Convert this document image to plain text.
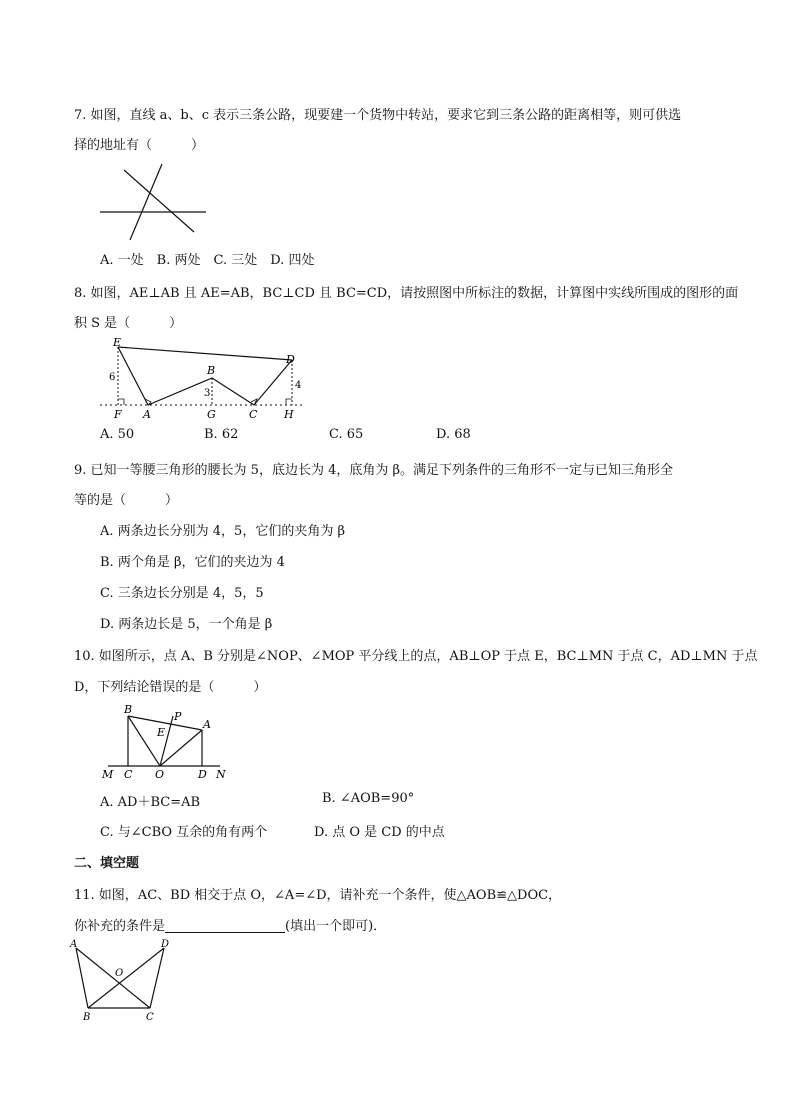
7. 如图，直线 a、b、c 表示三条公路，现要建一个货物中转站，要求它到三条公路的距离相等，则可供选
择的地址有（　　　）
A. 一处　B. 两处　C. 三处　D. 四处
8. 如图，AE⊥AB 且 AE=AB，BC⊥CD 且 BC=CD，请按照图中所标注的数据，计算图中实线所围成的图形的面
积 S 是（　　　）
E
D
B
F A	G	C H
6
3
4
A. 50	B. 62	C. 65	D. 68
9. 已知一等腰三角形的腰长为 5，底边长为 4，底角为 β。满足下列条件的三角形不一定与已知三角形全
等的是（　　　）
A. 两条边长分别为 4，5，它们的夹角为 β
B. 两个角是 β，它们的夹边为 4
C. 三条边长分别是 4，5，5
D. 两条边长是 5，一个角是 β
10. 如图所示，点 A、B 分别是∠NOP、∠MOP 平分线上的点，AB⊥OP 于点 E，BC⊥MN 于点 C，AD⊥MN 于点
D，下列结论错误的是（　　　）
B
P
A
E
M C O	D N
A. AD＋BC=AB	B. ∠AOB=90°
C. 与∠CBO 互余的角有两个	D. 点 O 是 CD 的中点
二、填空题
11. 如图，AC、BD 相交于点 O，∠A=∠D，请补充一个条件，使△AOB≌△DOC，
你补充的条件是	(填出一个即可)．
A	D
O
B	C
